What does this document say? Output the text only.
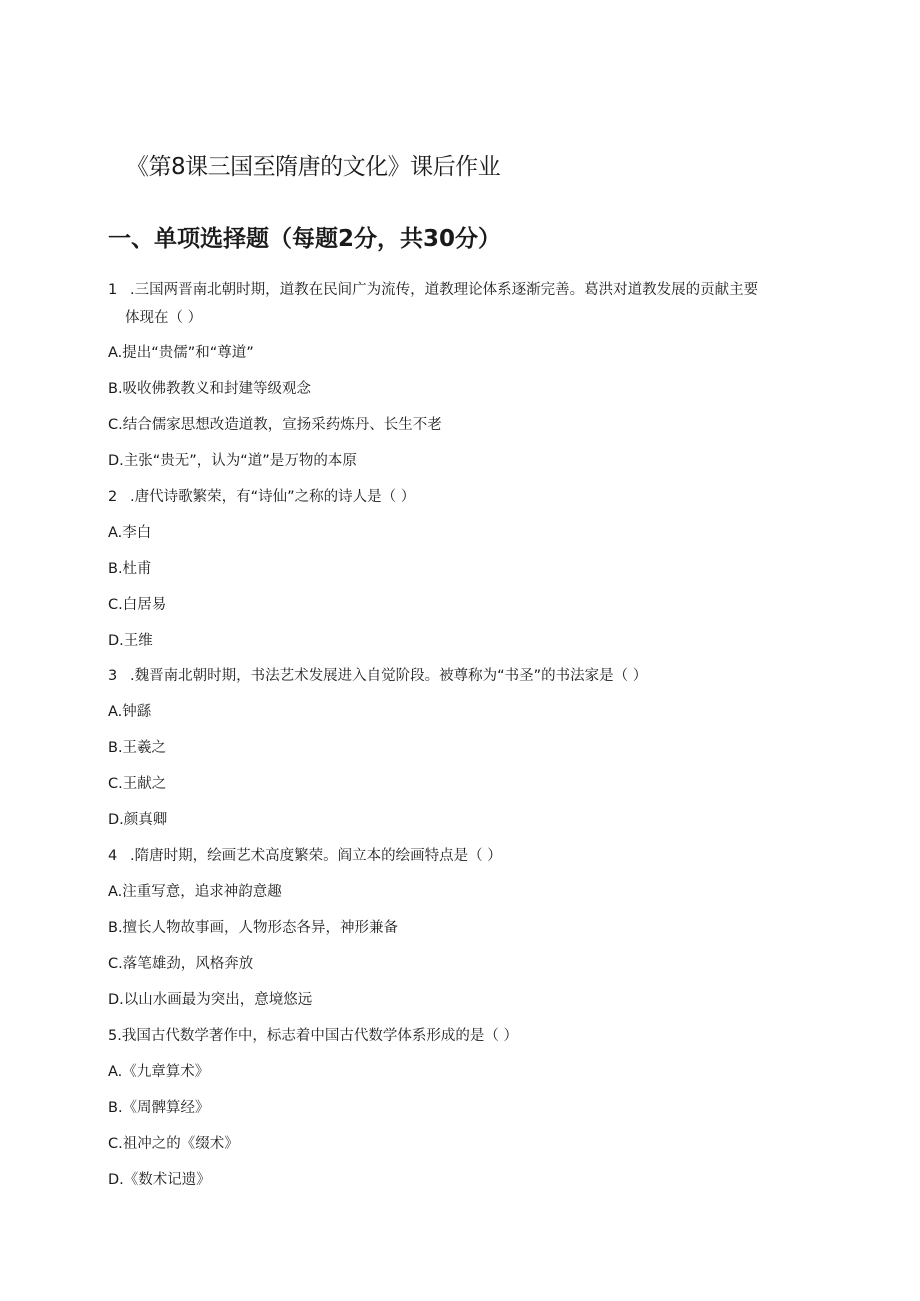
《第8课三国至隋唐的文化》课后作业
一、单项选择题（每题2分，共30分）
1 .三国两晋南北朝时期，道教在民间广为流传，道教理论体系逐渐完善。葛洪对道教发展的贡献主要
体现在（ ）
A.提出“贵儒”和“尊道”
B.吸收佛教教义和封建等级观念
C.结合儒家思想改造道教，宣扬采药炼丹、长生不老
D.主张“贵无”，认为“道”是万物的本原
2 .唐代诗歌繁荣，有“诗仙”之称的诗人是（ ）
A.李白
B.杜甫
C.白居易
D.王维
3 .魏晋南北朝时期，书法艺术发展进入自觉阶段。被尊称为“书圣”的书法家是（ ）
A.钟繇
B.王羲之
C.王献之
D.颜真卿
4 .隋唐时期，绘画艺术高度繁荣。阎立本的绘画特点是（ ）
A.注重写意，追求神韵意趣
B.擅长人物故事画，人物形态各异，神形兼备
C.落笔雄劲，风格奔放
D.以山水画最为突出，意境悠远
5.我国古代数学著作中，标志着中国古代数学体系形成的是（ ）
A.《九章算术》
B.《周髀算经》
C.祖冲之的《缀术》
D.《数术记遗》
